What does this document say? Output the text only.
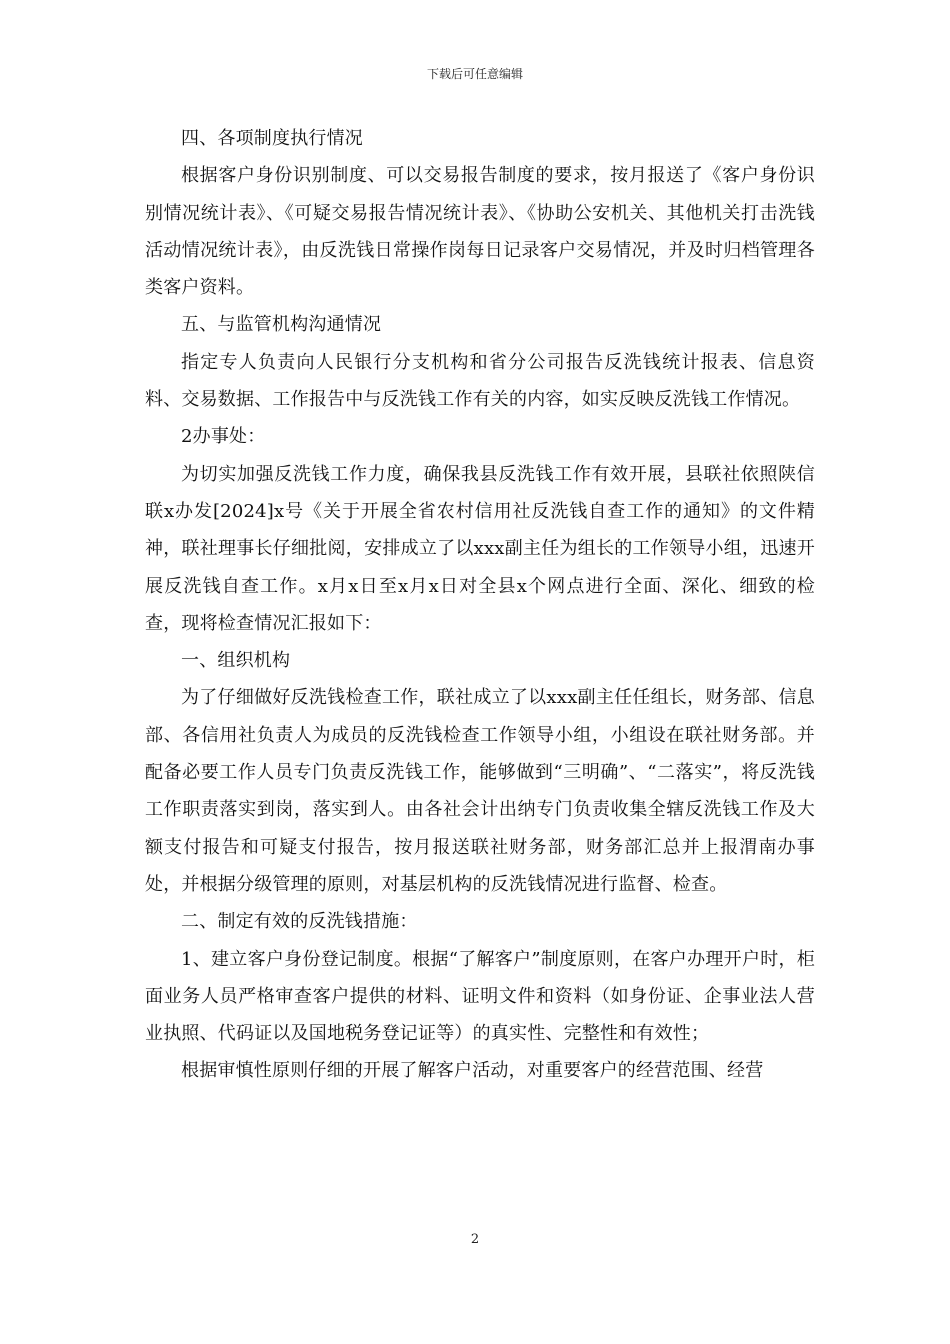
下载后可任意编辑

四、各项制度执行情况

根据客户身份识别制度、可以交易报告制度的要求，按月报送了《客户身份识别情况统计表》、《可疑交易报告情况统计表》、《协助公安机关、其他机关打击洗钱活动情况统计表》，由反洗钱日常操作岗每日记录客户交易情况，并及时归档管理各类客户资料。

五、与监管机构沟通情况

指定专人负责向人民银行分支机构和省分公司报告反洗钱统计报表、信息资料、交易数据、工作报告中与反洗钱工作有关的内容，如实反映反洗钱工作情况。

2办事处：

为切实加强反洗钱工作力度，确保我县反洗钱工作有效开展，县联社依照陕信联x办发[2024]x号《关于开展全省农村信用社反洗钱自查工作的通知》的文件精神，联社理事长仔细批阅，安排成立了以xxx副主任为组长的工作领导小组，迅速开展反洗钱自查工作。x月x日至x月x日对全县x个网点进行全面、深化、细致的检查，现将检查情况汇报如下：

一、组织机构

为了仔细做好反洗钱检查工作，联社成立了以xxx副主任任组长，财务部、信息部、各信用社负责人为成员的反洗钱检查工作领导小组，小组设在联社财务部。并配备必要工作人员专门负责反洗钱工作，能够做到“三明确”、“二落实”，将反洗钱工作职责落实到岗，落实到人。由各社会计出纳专门负责收集全辖反洗钱工作及大额支付报告和可疑支付报告，按月报送联社财务部，财务部汇总并上报渭南办事处，并根据分级管理的原则，对基层机构的反洗钱情况进行监督、检查。

二、制定有效的反洗钱措施：

1、建立客户身份登记制度。根据“了解客户”制度原则，在客户办理开户时，柜面业务人员严格审查客户提供的材料、证明文件和资料（如身份证、企事业法人营业执照、代码证以及国地税务登记证等）的真实性、完整性和有效性；

根据审慎性原则仔细的开展了解客户活动，对重要客户的经营范围、经营

2
